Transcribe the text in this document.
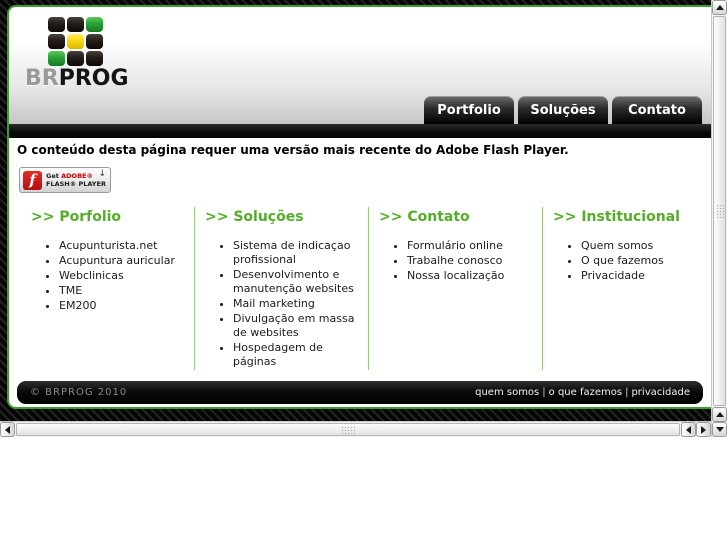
BRPROG
Portfolio	Soluções	Contato
O conteúdo desta página requer uma versão mais recente do Adobe Flash Player.
f	Get ADOBE®
FLASH® PLAYER
↓
>> Porfolio
• Acupunturista.net
• Acupuntura auricular
• Webclinicas
• TME
• EM200
>> Soluções
• Sistema de indicaçao profissional
• Desenvolvimento e manutenção websites
• Mail marketing
• Divulgação em massa de websites
• Hospedagem de páginas
>> Contato
• Formulário online
• Trabalhe conosco
• Nossa localização
>> Institucional
• Quem somos
• O que fazemos
• Privacidade
© BRPROG 2010	quem somos | o que fazemos | privacidade
